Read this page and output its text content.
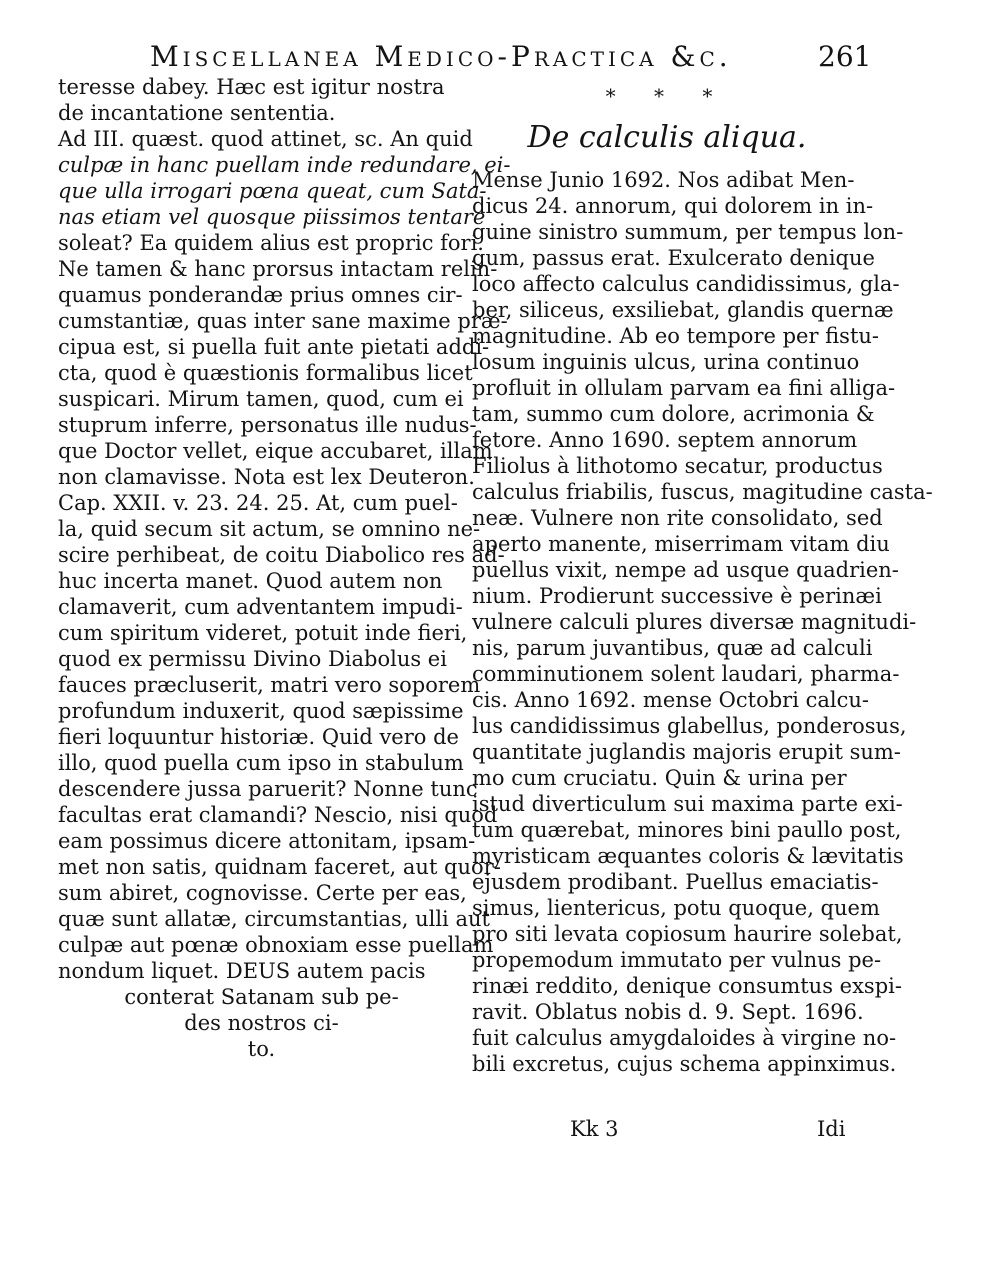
Miscellanea Medico-Practica &c.	261
teresse dabey. Hæc est igitur nostra
de incantatione sententia.
Ad III. quæst. quod attinet, sc. An quid
culpæ in hanc puellam inde redundare, ei-
que ulla irrogari pœna queat, cum Sata-
nas etiam vel quosque piissimos tentare
soleat? Ea quidem alius est propric fori.
Ne tamen & hanc prorsus intactam relin-
quamus ponderandæ prius omnes cir-
cumstantiæ, quas inter sane maxime præ-
cipua est, si puella fuit ante pietati addi-
cta, quod è quæstionis formalibus licet
suspicari. Mirum tamen, quod, cum ei
stuprum inferre, personatus ille nudus-
que Doctor vellet, eique accubaret, illam
non clamavisse. Nota est lex Deuteron.
Cap. XXII. v. 23. 24. 25. At, cum puel-
la, quid secum sit actum, se omnino ne-
scire perhibeat, de coitu Diabolico res ad-
huc incerta manet. Quod autem non
clamaverit, cum adventantem impudi-
cum spiritum videret, potuit inde fieri,
quod ex permissu Divino Diabolus ei
fauces præcluserit, matri vero soporem
profundum induxerit, quod sæpissime
fieri loquuntur historiæ. Quid vero de
illo, quod puella cum ipso in stabulum
descendere jussa paruerit? Nonne tunc
facultas erat clamandi? Nescio, nisi quod
eam possimus dicere attonitam, ipsam-
met non satis, quidnam faceret, aut quor-
sum abiret, cognovisse. Certe per eas,
quæ sunt allatæ, circumstantias, ulli aut
culpæ aut pœnæ obnoxiam esse puellam
nondum liquet. DEUS autem pacis
conterat Satanam sub pe-
des nostros ci-
to.
* * *
De calculis aliqua.
Mense Junio 1692. Nos adibat Men-
dicus 24. annorum, qui dolorem in in-
guine sinistro summum, per tempus lon-
gum, passus erat. Exulcerato denique
loco affecto calculus candidissimus, gla-
ber, siliceus, exsiliebat, glandis quernæ
magnitudine. Ab eo tempore per fistu-
losum inguinis ulcus, urina continuo
profluit in ollulam parvam ea fini alliga-
tam, summo cum dolore, acrimonia &
fetore. Anno 1690. septem annorum
Filiolus à lithotomo secatur, productus
calculus friabilis, fuscus, magitudine casta-
neæ. Vulnere non rite consolidato, sed
aperto manente, miserrimam vitam diu
puellus vixit, nempe ad usque quadrien-
nium. Prodierunt successive è perinæi
vulnere calculi plures diversæ magnitudi-
nis, parum juvantibus, quæ ad calculi
comminutionem solent laudari, pharma-
cis. Anno 1692. mense Octobri calcu-
lus candidissimus glabellus, ponderosus,
quantitate juglandis majoris erupit sum-
mo cum cruciatu. Quin & urina per
istud diverticulum sui maxima parte exi-
tum quærebat, minores bini paullo post,
myristicam æquantes coloris & lævitatis
ejusdem prodibant. Puellus emaciatis-
simus, lientericus, potu quoque, quem
pro siti levata copiosum haurire solebat,
propemodum immutato per vulnus pe-
rinæi reddito, denique consumtus exspi-
ravit. Oblatus nobis d. 9. Sept. 1696.
fuit calculus amygdaloides à virgine no-
bili excretus, cujus schema appinximus.
Kk 3	Idi
